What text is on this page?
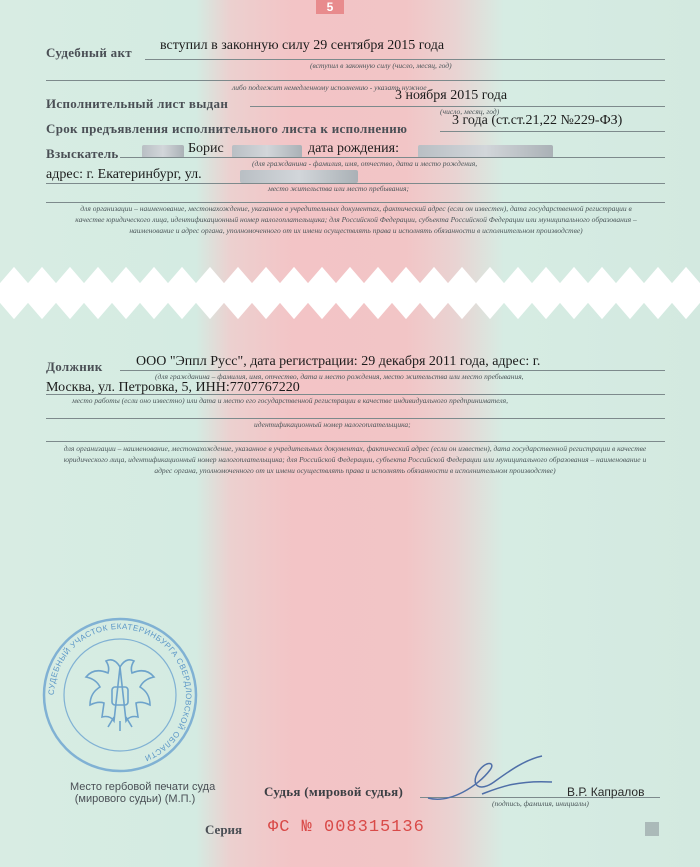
5
Судебный акт вступил в законную силу 29 сентября 2015 года
(вступил в законную силу (число, месяц, год)
либо подлежит немедленному исполнению - указать нужное
Исполнительный лист выдан
3 ноября 2015 года
(число, месяц, год)
Срок предъявления исполнительного листа к исполнению
3 года (ст.ст.21,22 №229-ФЗ)
Взыскатель	Борис	дата рождения:
(для гражданина - фамилия, имя, отчество, дата и место рождения,
адрес: г. Екатеринбург, ул.
место жительства или место пребывания;
для организации – наименование, местонахождение, указанное в учредительных документах, фактический адрес (если он известен), дата государственной регистрации в качестве юридического лица, идентификационный номер налогоплательщика; для Российской Федерации, субъекта Российской Федерации или муниципального образования – наименование и адрес органа, уполномоченного от их имени осуществлять права и исполнять обязанности в исполнительном производстве)
Должник ООО "Эппл Русс", дата регистрации: 29 декабря 2011 года, адрес: г.
(для гражданина – фамилия, имя, отчество, дата и место рождения, место жительства или место пребывания,
Москва, ул. Петровка, 5, ИНН:7707767220
место работы (если оно известно) или дата и место его государственной регистрации в качестве индивидуального предпринимателя,
идентификационный номер налогоплательщика;
для организации – наименование, местонахождение, указанное в учредительных документах, фактический адрес (если он известен), дата государственной регистрации в качестве юридического лица, идентификационный номер налогоплательщика; для Российской Федерации, субъекта Российской Федерации или муниципального образования – наименование и адрес органа, уполномоченного от их имени осуществлять права и исполнять обязанности в исполнительном производстве)
СУДЕБНЫЙ УЧАСТОК ЕКАТЕРИНБУРГА СВЕРДЛОВСКОЙ ОБЛАСТИ
Место гербовой печати суда
(мирового судьи) (М.П.)	Судья (мировой судья)	В.Р. Капралов
(подпись, фамилия, инициалы)
Серия ФС № 008315136
